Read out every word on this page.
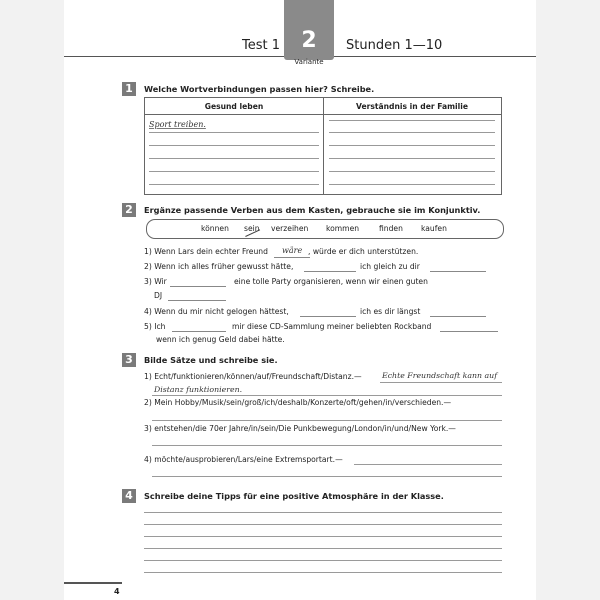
Test 1 2
Variante
Stunden 1—10
1	Welche Wortverbindungen passen hier? Schreibe.
Gesund leben	Verständnis in der Familie
Sport treiben.
2	Ergänze passende Verben aus dem Kasten, gebrauche sie im Konjunktiv.
können sein verzeihen kommen	finden kaufen
1) Wenn Lars dein echter Freund wäre , würde er dich unterstützen.
2) Wenn ich alles früher gewusst hätte,	ich gleich zu dir
3) Wir	eine tolle Party organisieren, wenn wir einen guten
DJ
4) Wenn du mir nicht gelogen hättest,	ich es dir längst
5) Ich	mir diese CD-Sammlung meiner beliebten Rockband
wenn ich genug Geld dabei hätte.
3	Bilde Sätze und schreibe sie.
1) Echt/funktionieren/können/auf/Freundschaft/Distanz.—	Echte Freundschaft kann auf
Distanz funktionieren.
2) Mein Hobby/Musik/sein/groß/ich/deshalb/Konzerte/oft/gehen/in/verschieden.—
3) entstehen/die 70er Jahre/in/sein/Die Punkbewegung/London/in/und/New York.—
4) möchte/ausprobieren/Lars/eine Extremsportart.—
4	Schreibe deine Tipps für eine positive Atmosphäre in der Klasse.
4
